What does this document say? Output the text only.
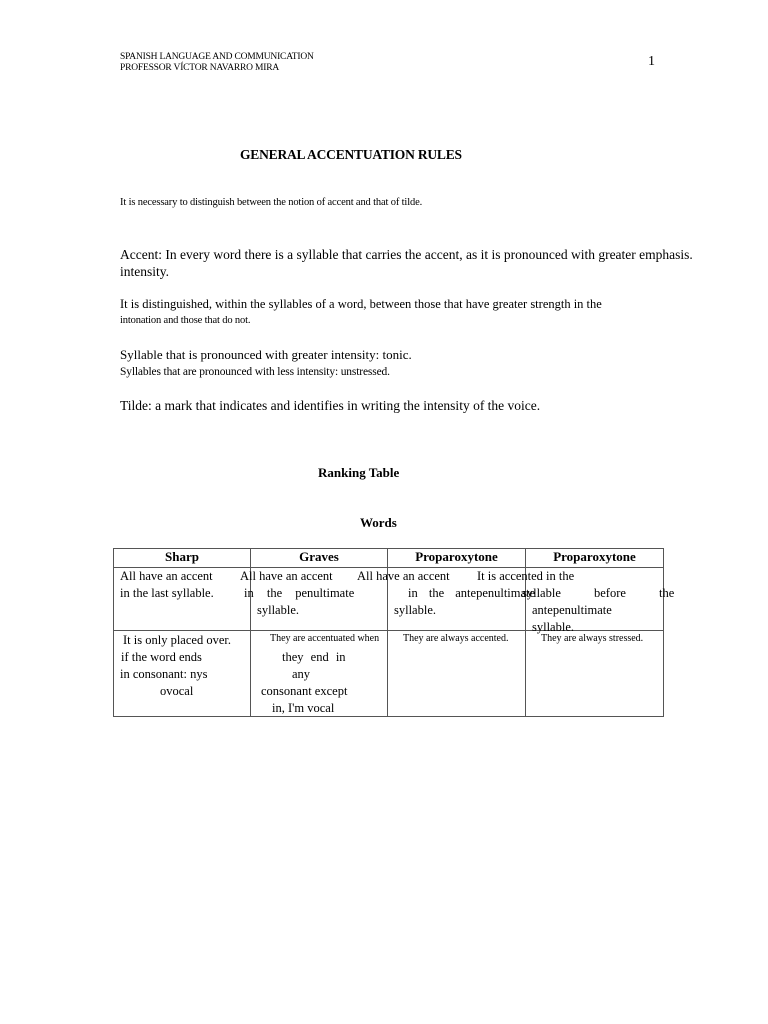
SPANISH LANGUAGE AND COMMUNICATION
PROFESSOR VÍCTOR NAVARRO MIRA	1
GENERAL ACCENTUATION RULES
It is necessary to distinguish between the notion of accent and that of tilde.
Accent: In every word there is a syllable that carries the accent, as it is pronounced with greater emphasis.
intensity.
It is distinguished, within the syllables of a word, between those that have greater strength in the
intonation and those that do not.
Syllable that is pronounced with greater intensity: tonic.
Syllables that are pronounced with less intensity: unstressed.
Tilde: a mark that indicates and identifies in writing the intensity of the voice.
Ranking Table
Words
Sharp	Graves	Proparoxytone	Proparoxytone

All have an accent
in the last syllable.	All have an accent
in the penultimate
syllable.	All have an accent
in the antepenultimate
syllable.	It is accented in the
syllable before the
antepenultimate
syllable.

It is only placed over.
if the word ends
in consonant: nys
ovocal	They are accentuated when
they end in
any
consonant except
in, I'm vocal	They are always accented.	They are always stressed.
